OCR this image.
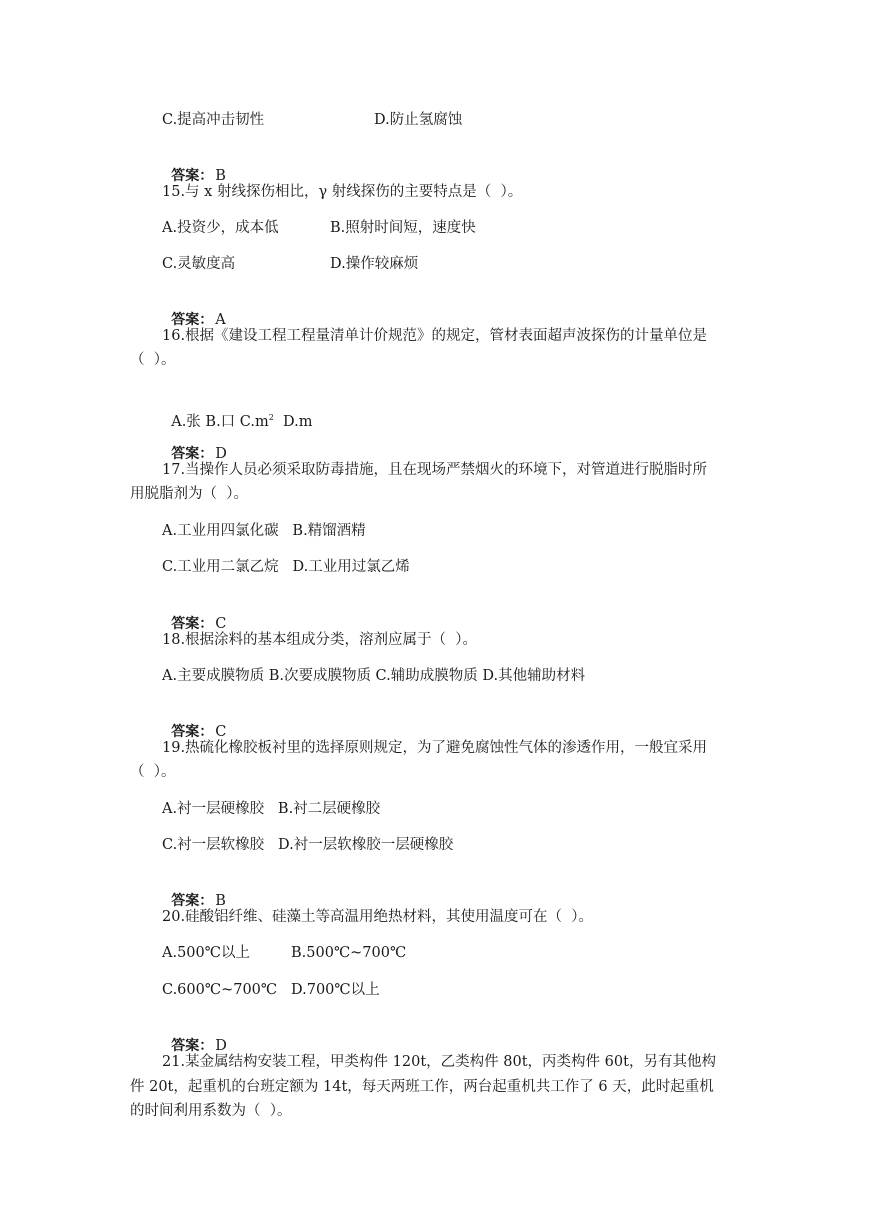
C.提高冲击韧性	D.防止氢腐蚀

答案： B

15.与 x 射线探伤相比，γ 射线探伤的主要特点是（  ）。
A.投资少，成本低	B.照射时间短，速度快
C.灵敏度高	D.操作较麻烦

答案： A

16.根据《建设工程工程量清单计价规范》的规定，管材表面超声波探伤的计量单位是
（  ）。

A.张 B.口 $C.m^2$ D.m

答案： D

17.当操作人员必须采取防毒措施，且在现场严禁烟火的环境下，对管道进行脱脂时所
用脱脂剂为（  ）。
A.工业用四氯化碳   B.精馏酒精
C.工业用二氯乙烷   D.工业用过氯乙烯

答案： C

18.根据涂料的基本组成分类，溶剂应属于（  ）。
A.主要成膜物质 B.次要成膜物质 C.辅助成膜物质 D.其他辅助材料

答案： C

19.热硫化橡胶板衬里的选择原则规定，为了避免腐蚀性气体的渗透作用，一般宜采用
（  ）。
A.衬一层硬橡胶   B.衬二层硬橡胶
C.衬一层软橡胶   D.衬一层软橡胶一层硬橡胶

答案： B

20.硅酸铝纤维、硅藻土等高温用绝热材料，其使用温度可在（  ）。
A.500℃以上	B.500℃~700℃
C.600℃~700℃ D.700℃以上

答案： D

21.某金属结构安装工程，甲类构件 120t，乙类构件 80t，丙类构件 60t，另有其他构
件 20t，起重机的台班定额为 14t，每天两班工作，两台起重机共工作了 6 天，此时起重机
的时间利用系数为（  ）。
